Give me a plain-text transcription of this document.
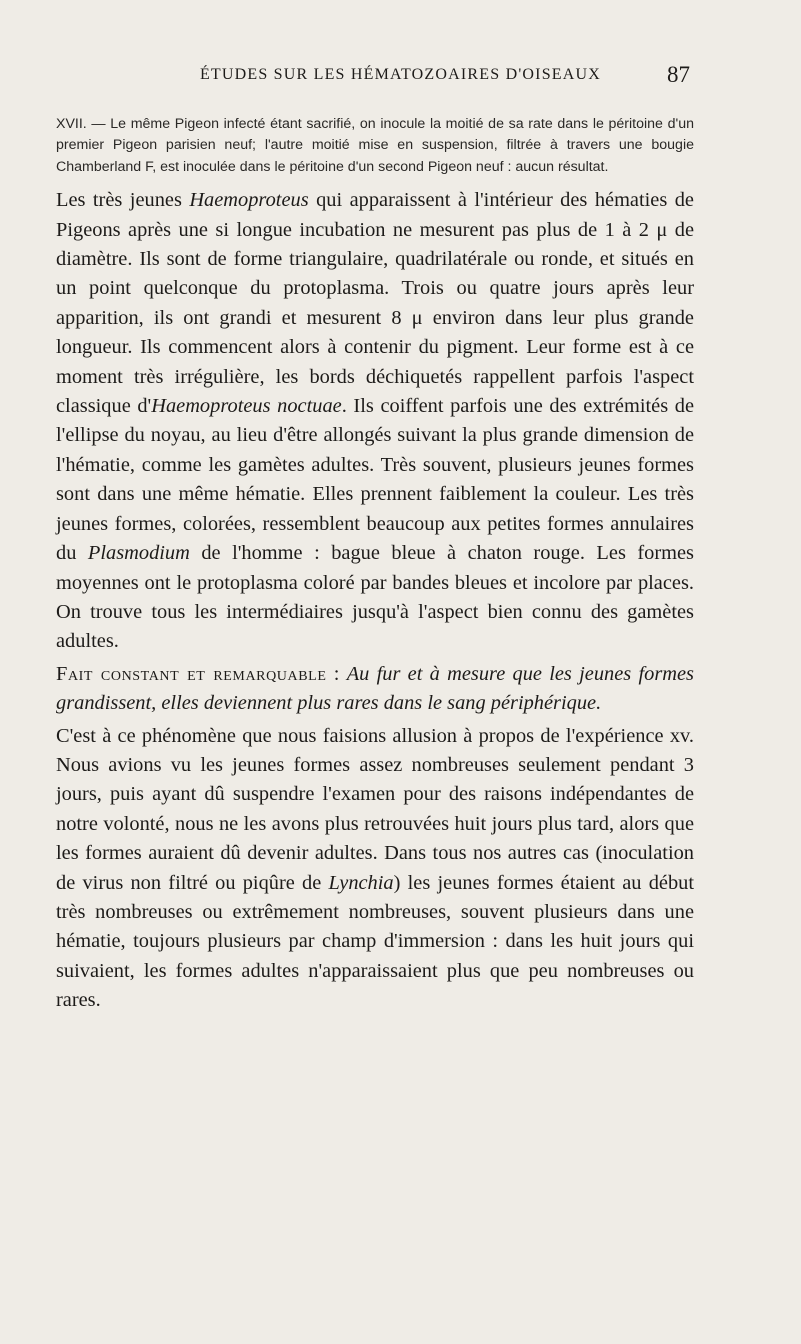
ÉTUDES SUR LES HÉMATOZOAIRES D'OISEAUX	87

XVII. — Le même Pigeon infecté étant sacrifié, on inocule la moitié de sa rate dans le péritoine d'un premier Pigeon parisien neuf; l'autre moitié mise en suspension, filtrée à travers une bougie Chamberland F, est inoculée dans le péritoine d'un second Pigeon neuf : aucun résultat.

Les très jeunes Haemoproteus qui apparaissent à l'intérieur des hématies de Pigeons après une si longue incubation ne mesurent pas plus de 1 à 2 μ de diamètre. Ils sont de forme triangulaire, quadrilatérale ou ronde, et situés en un point quelconque du protoplasma. Trois ou quatre jours après leur apparition, ils ont grandi et mesurent 8 μ environ dans leur plus grande longueur. Ils commencent alors à contenir du pigment. Leur forme est à ce moment très irrégulière, les bords déchiquetés rappellent parfois l'aspect classique d'Haemoproteus noctuae. Ils coiffent parfois une des extrémités de l'ellipse du noyau, au lieu d'être allongés suivant la plus grande dimension de l'hématie, comme les gamètes adultes. Très souvent, plusieurs jeunes formes sont dans une même hématie. Elles prennent faiblement la couleur. Les très jeunes formes, colorées, ressemblent beaucoup aux petites formes annulaires du Plasmodium de l'homme : bague bleue à chaton rouge. Les formes moyennes ont le protoplasma coloré par bandes bleues et incolore par places. On trouve tous les intermédiaires jusqu'à l'aspect bien connu des gamètes adultes.

Fait constant et remarquable : Au fur et à mesure que les jeunes formes grandissent, elles deviennent plus rares dans le sang périphérique.

C'est à ce phénomène que nous faisions allusion à propos de l'expérience xv. Nous avions vu les jeunes formes assez nombreuses seulement pendant 3 jours, puis ayant dû suspendre l'examen pour des raisons indépendantes de notre volonté, nous ne les avons plus retrouvées huit jours plus tard, alors que les formes auraient dû devenir adultes. Dans tous nos autres cas (inoculation de virus non filtré ou piqûre de Lynchia) les jeunes formes étaient au début très nombreuses ou extrêmement nombreuses, souvent plusieurs dans une hématie, toujours plusieurs par champ d'immersion : dans les huit jours qui suivaient, les formes adultes n'apparaissaient plus que peu nombreuses ou rares.
